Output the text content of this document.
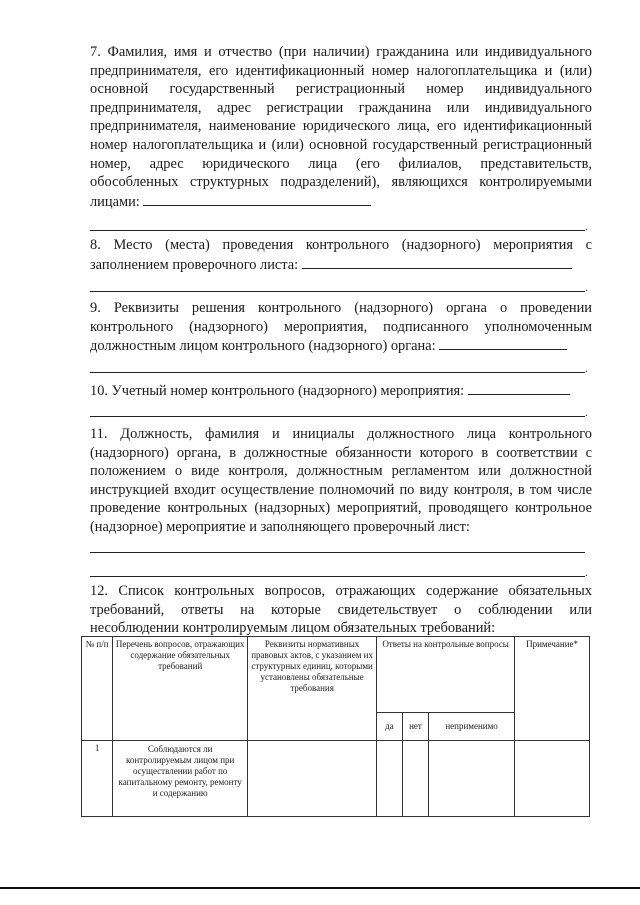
7. Фамилия, имя и отчество (при наличии) гражданина или индивидуального предпринимателя, его идентификационный номер налогоплательщика и (или) основной государственный регистрационный номер индивидуального предпринимателя, адрес регистрации гражданина или индивидуального предпринимателя, наименование юридического лица, его идентификационный номер налогоплательщика и (или) основной государственный регистрационный номер, адрес юридического лица (его филиалов, представительств, обособленных структурных подразделений), являющихся контролируемыми лицами:

.

8. Место (места) проведения контрольного (надзорного) мероприятия с заполнением проверочного листа:

.

9. Реквизиты решения контрольного (надзорного) органа о проведении контрольного (надзорного) мероприятия, подписанного уполномоченным должностным лицом контрольного (надзорного) органа:

.

10. Учетный номер контрольного (надзорного) мероприятия:

.

11. Должность, фамилия и инициалы должностного лица контрольного (надзорного) органа, в должностные обязанности которого в соответствии с положением о виде контроля, должностным регламентом или должностной инструкцией входит осуществление полномочий по виду контроля, в том числе проведение контрольных (надзорных) мероприятий, проводящего контрольное (надзорное) мероприятие и заполняющего проверочный лист:

.

12. Список контрольных вопросов, отражающих содержание обязательных требований, ответы на которые свидетельствует о соблюдении или несоблюдении контролируемым лицом обязательных требований:

№ п/п	Перечень вопросов, отражающих содержание обязательных требований	Реквизиты нормативных правовых актов, с указанием их структурных единиц, которыми установлены обязательные требования	Ответы на контрольные вопросы			Примечание*
			да	нет	неприменимо	
1	Соблюдаются ли контролируемым лицом при осуществлении работ по капитальному ремонту, ремонту и содержанию					
